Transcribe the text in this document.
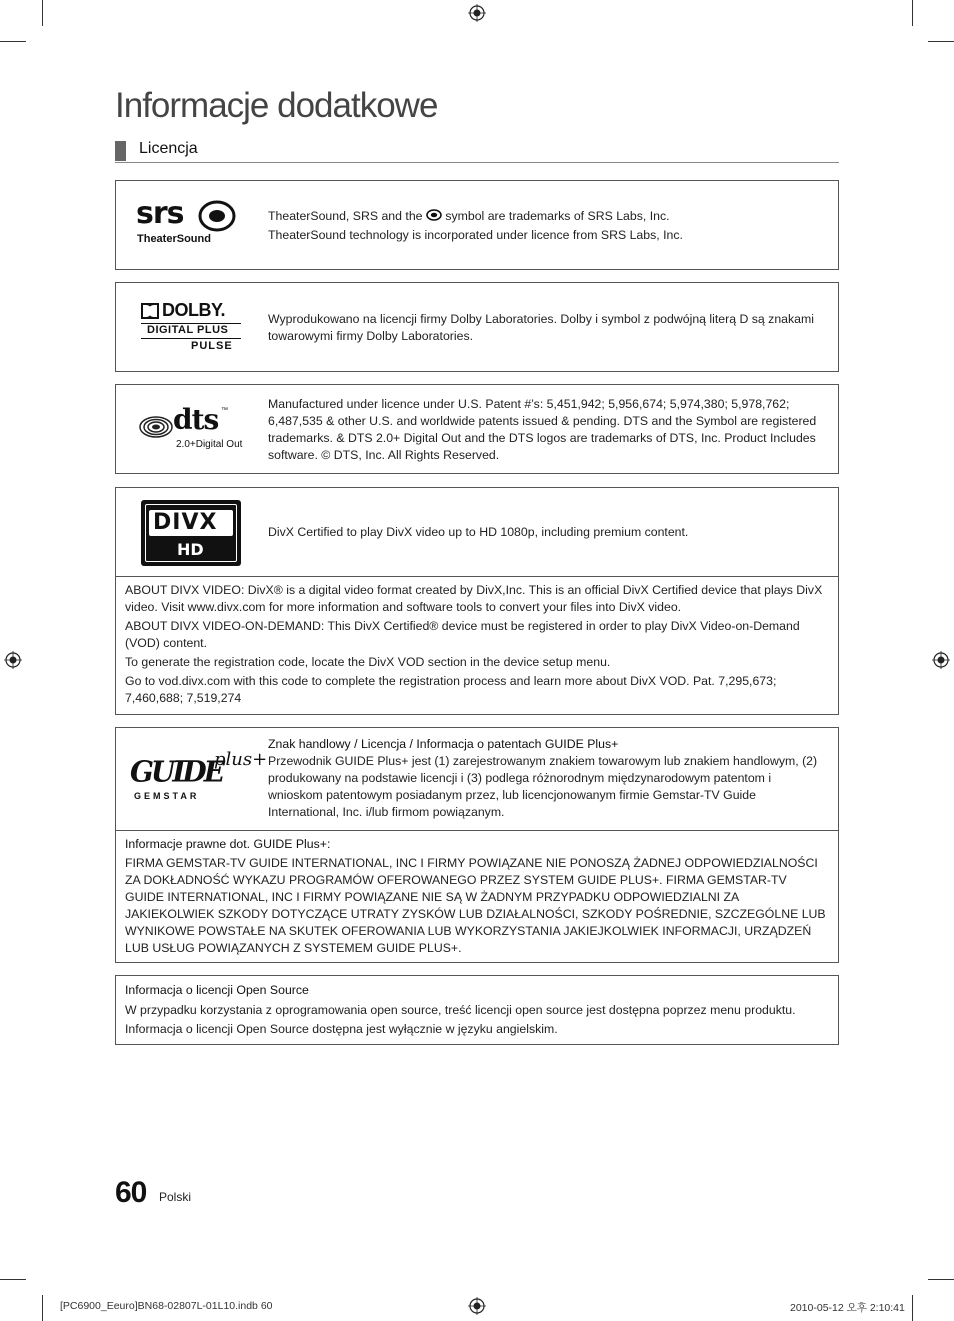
Informacje dodatkowe
Licencja
srs
TheaterSound

TheaterSound, SRS and the symbol are trademarks of SRS Labs, Inc.

TheaterSound technology is incorporated under licence from SRS Labs, Inc.

DOLBY.
DIGITAL PLUS
PULSE
Wyprodukowano na licencji firmy Dolby Laboratories. Dolby i symbol z podwójną literą D są znakami towarowymi firmy Dolby Laboratories.
dts ™
2.0+Digital Out
Manufactured under licence under U.S. Patent #’s: 5,451,942; 5,956,674; 5,974,380; 5,978,762; 6,487,535 & other U.S. and worldwide patents issued & pending. DTS and the Symbol are registered trademarks. & DTS 2.0+ Digital Out and the DTS logos are trademarks of DTS, Inc. Product Includes software. © DTS, Inc. All Rights Reserved.
DIVX
HD
DivX Certified to play DivX video up to HD 1080p, including premium content.

ABOUT DIVX VIDEO: DivX® is a digital video format created by DivX,Inc. This is an official DivX Certified device that plays DivX video. Visit www.divx.com for more information and software tools to convert your files into DivX video.

ABOUT DIVX VIDEO-ON-DEMAND: This DivX Certified® device must be registered in order to play DivX Video-on-Demand (VOD) content.

To generate the registration code, locate the DivX VOD section in the device setup menu.

Go to vod.divx.com with this code to complete the registration process and learn more about DivX VOD. Pat. 7,295,673; 7,460,688; 7,519,274

GUIDE
plus+
GEMSTAR

Znak handlowy / Licencja / Informacja o patentach GUIDE Plus+

Przewodnik GUIDE Plus+ jest (1) zarejestrowanym znakiem towarowym lub znakiem handlowym, (2) produkowany na podstawie licencji i (3) podlega różnorodnym międzynarodowym patentom i wnioskom patentowym posiadanym przez, lub licencjonowanym firmie Gemstar-TV Guide International, Inc. i/lub firmom powiązanym.

Informacje prawne dot. GUIDE Plus+:

FIRMA GEMSTAR-TV GUIDE INTERNATIONAL, INC I FIRMY POWIĄZANE NIE PONOSZĄ ŻADNEJ ODPOWIEDZIALNOŚCI ZA DOKŁADNOŚĆ WYKAZU PROGRAMÓW OFEROWANEGO PRZEZ SYSTEM GUIDE PLUS+. FIRMA GEMSTAR-TV GUIDE INTERNATIONAL, INC I FIRMY POWIĄZANE NIE SĄ W ŻADNYM PRZYPADKU ODPOWIEDZIALNI ZA JAKIEKOLWIEK SZKODY DOTYCZĄCE UTRATY ZYSKÓW LUB DZIAŁALNOŚCI, SZKODY POŚREDNIE, SZCZEGÓLNE LUB WYNIKOWE POWSTAŁE NA SKUTEK OFEROWANIA LUB WYKORZYSTANIA JAKIEJKOLWIEK INFORMACJI, URZĄDZEŃ LUB USŁUG POWIĄZANYCH Z SYSTEMEM GUIDE PLUS+.

Informacja o licencji Open Source

W przypadku korzystania z oprogramowania open source, treść licencji open source jest dostępna poprzez menu produktu.

Informacja o licencji Open Source dostępna jest wyłącznie w języku angielskim.

60 Polski
[PC6900_Eeuro]BN68-02807L-01L10.indb 60	2010-05-12 오후 2:10:41
